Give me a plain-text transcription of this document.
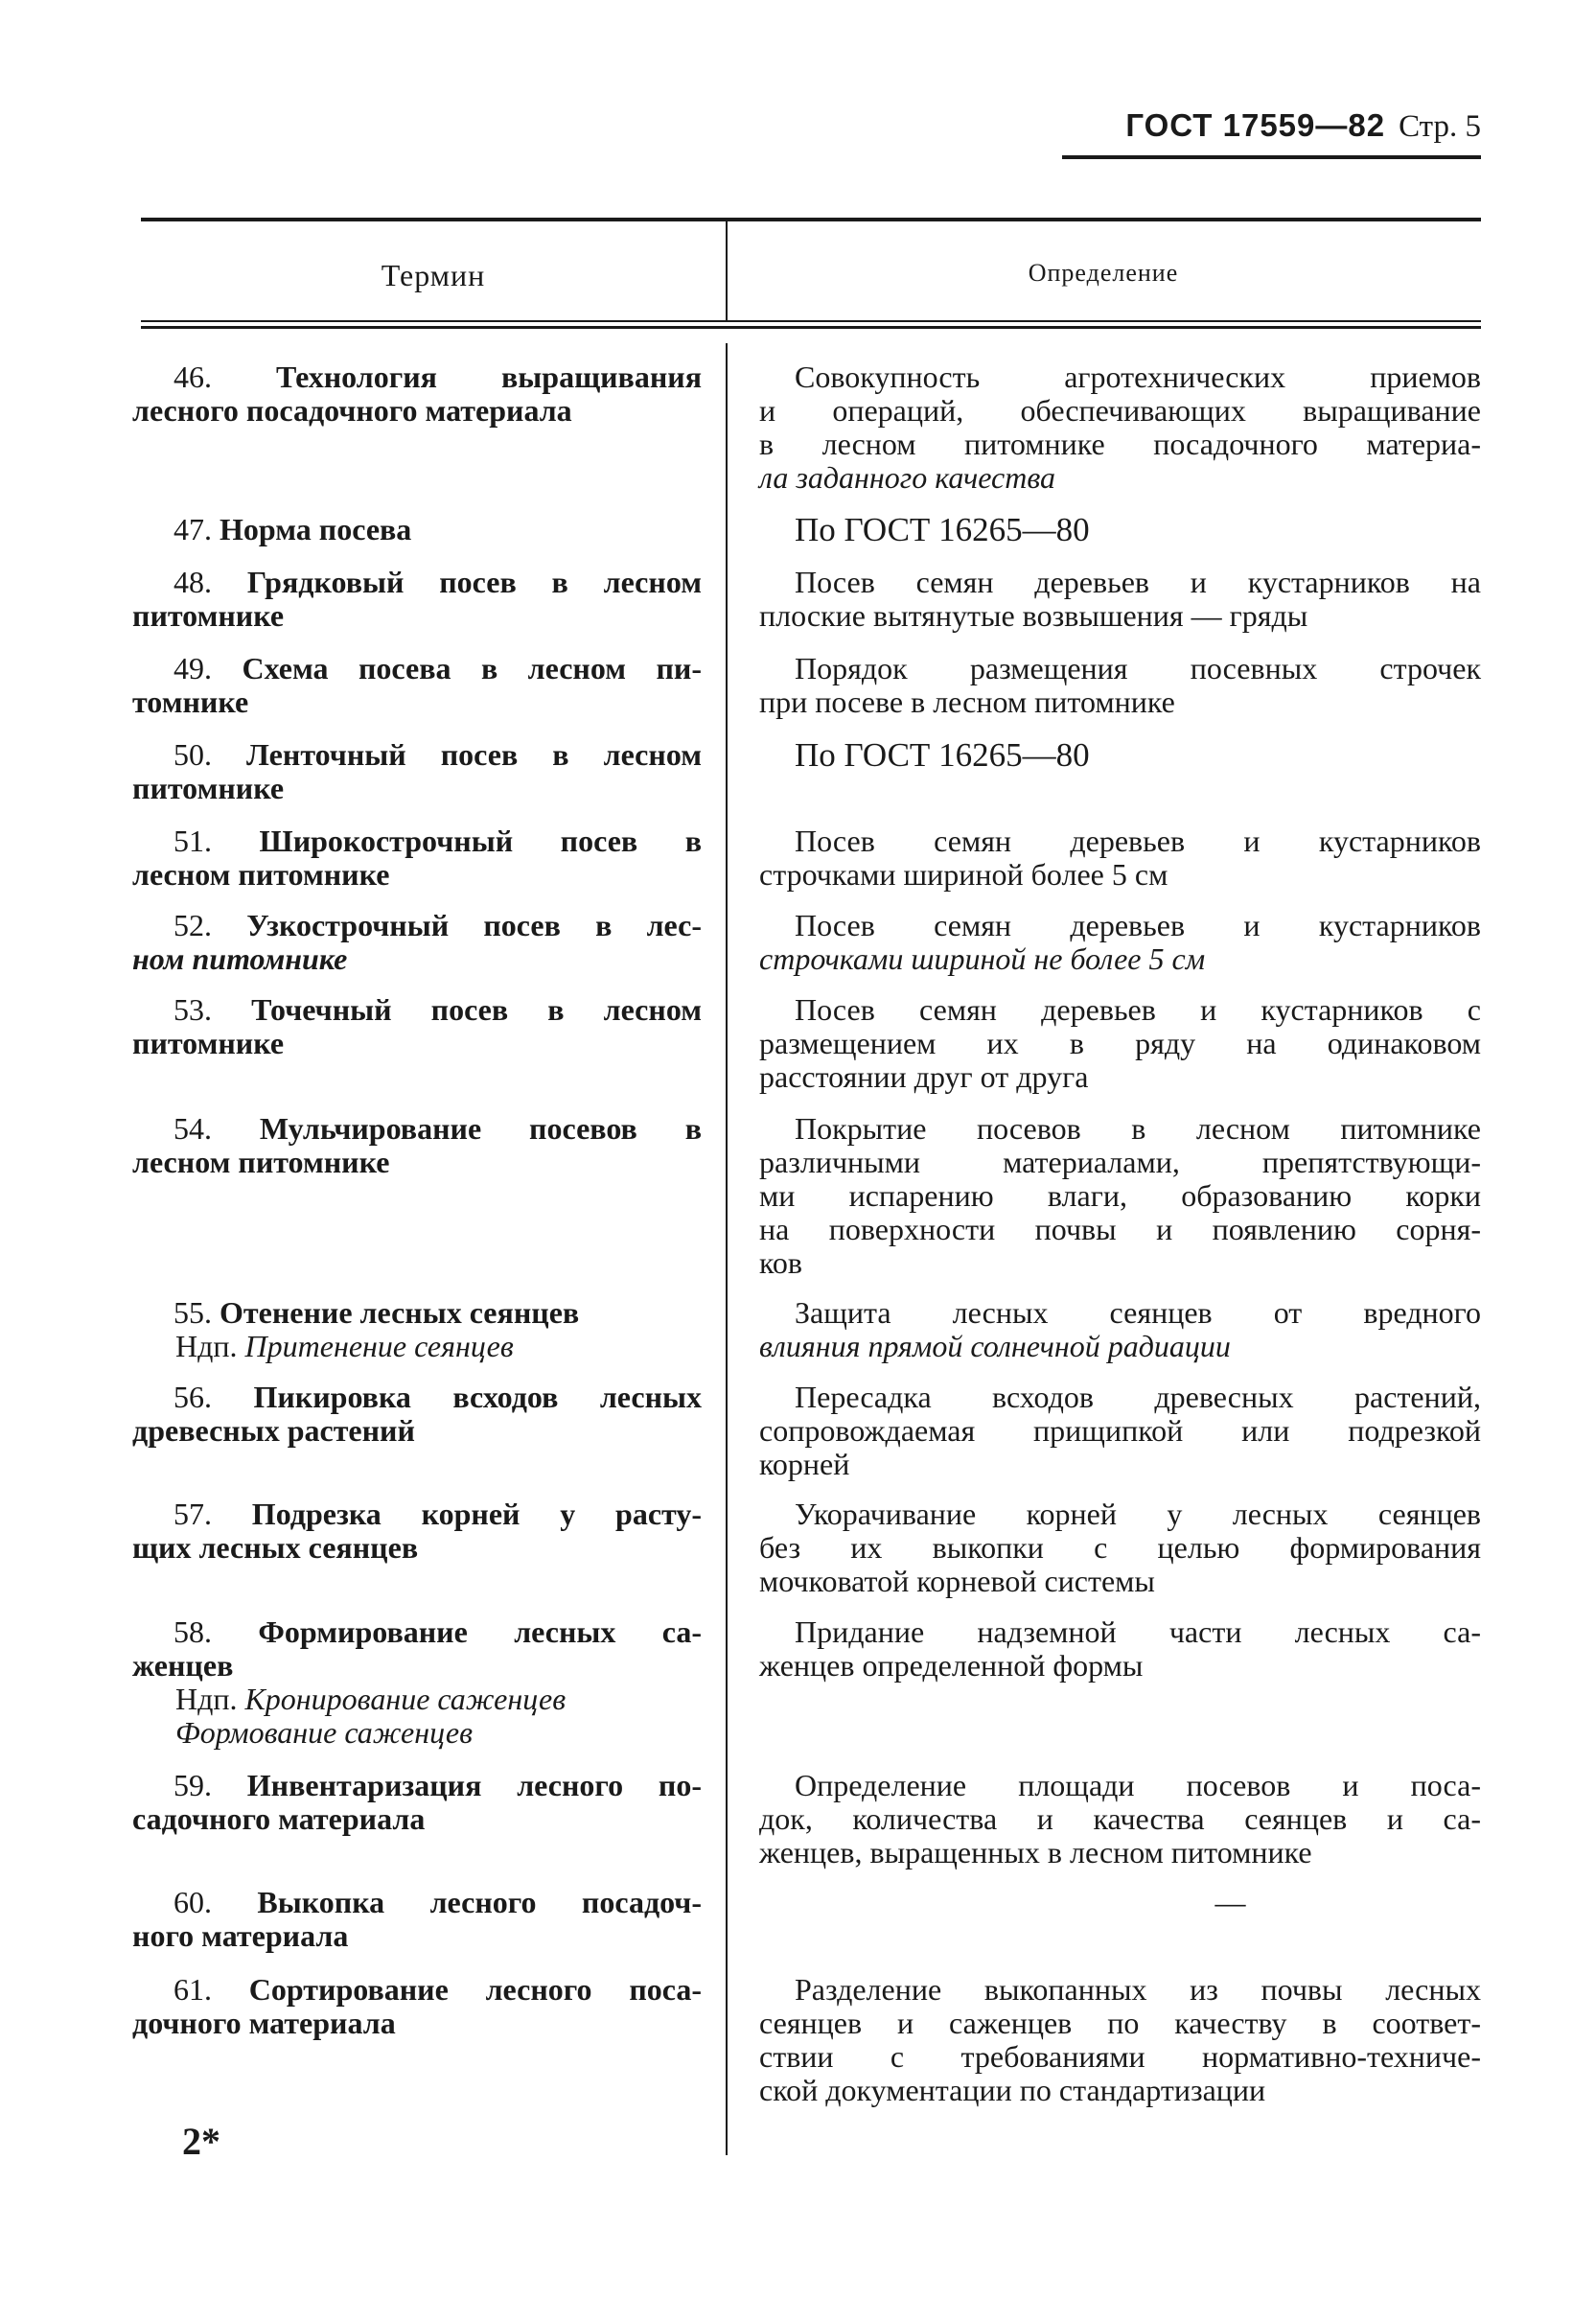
ГОСТ 17559—82 Стр. 5
Термин	Определение
46. Технология выращивания
лесного посадочного материала
Совокупность агротехнических приемов
и операций, обеспечивающих выращивание
в лесном питомнике посадочного материа-
ла заданного качества
47. Норма посева	По ГОСТ 16265—80
48. Грядковый посев в лесном
питомнике
Посев семян деревьев и кустарников на
плоские вытянутые возвышения — гряды
49. Схема посева в лесном пи-
томнике
Порядок размещения посевных строчек
при посеве в лесном питомнике
50. Ленточный посев в лесном
питомнике
По ГОСТ 16265—80
51. Широкострочный посев в
лесном питомнике
Посев семян деревьев и кустарников
строчками шириной более 5 см
52. Узкострочный посев в лес-
ном питомнике
Посев семян деревьев и кустарников
строчками шириной не более 5 см
53. Точечный посев в лесном
питомнике
Посев семян деревьев и кустарников с
размещением их в ряду на одинаковом
расстоянии друг от друга
54. Мульчирование посевов в
лесном питомнике
Покрытие посевов в лесном питомнике
различными материалами, препятствующи-
ми испарению влаги, образованию корки
на поверхности почвы и появлению сорня-
ков
55. Отенение лесных сеянцев
Ндп. Притенение сеянцев
Защита лесных сеянцев от вредного
влияния прямой солнечной радиации
56. Пикировка всходов лесных
древесных растений
Пересадка всходов древесных растений,
сопровождаемая прищипкой или подрезкой
корней
57. Подрезка корней у расту-
щих лесных сеянцев
Укорачивание корней у лесных сеянцев
без их выкопки с целью формирования
мочковатой корневой системы
58. Формирование лесных са-
женцев
Ндп. Кронирование саженцев
Формование саженцев
Придание надземной части лесных са-
женцев определенной формы
59. Инвентаризация лесного по-
садочного материала
Определение площади посевов и поса-
док, количества и качества сеянцев и са-
женцев, выращенных в лесном питомнике
60. Выкопка лесного посадоч-
ного материала
—
61. Сортирование лесного поса-
дочного материала
Разделение выкопанных из почвы лесных
сеянцев и саженцев по качеству в соответ-
ствии с требованиями нормативно-техниче-
ской документации по стандартизации
2*
